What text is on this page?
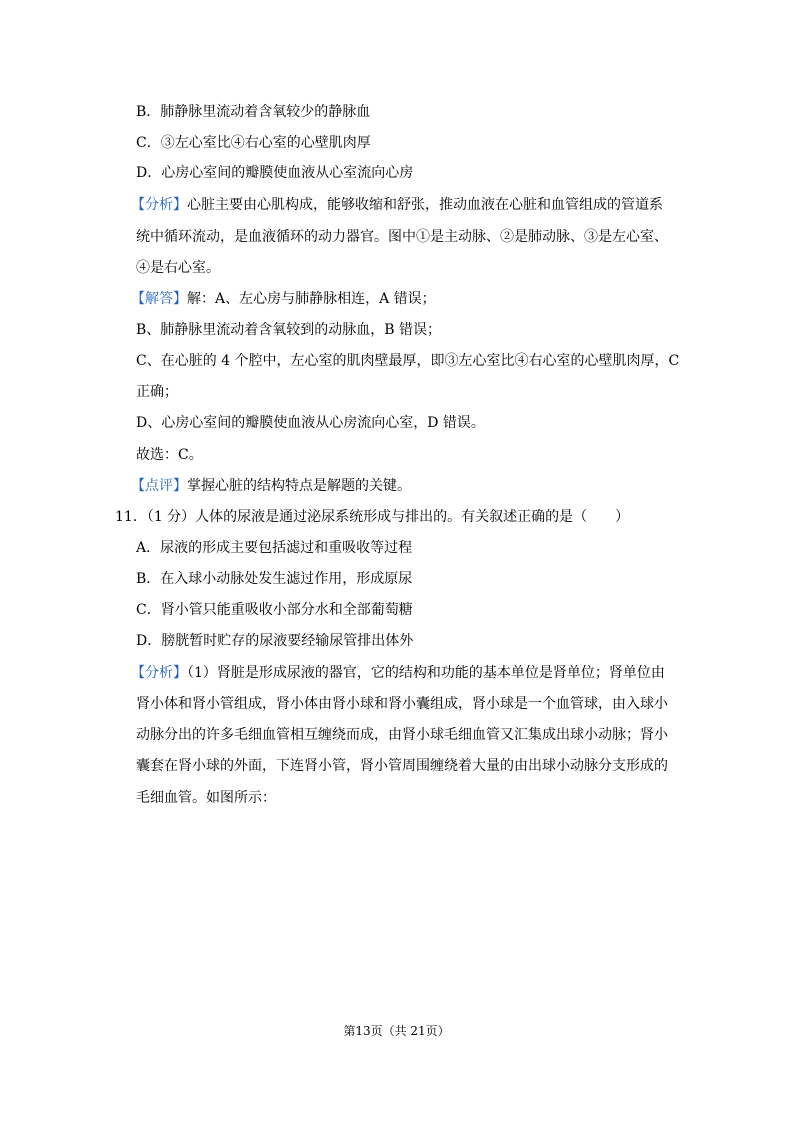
B．肺静脉里流动着含氧较少的静脉血
C．③左心室比④右心室的心壁肌肉厚
D．心房心室间的瓣膜使血液从心室流向心房
【分析】心脏主要由心肌构成，能够收缩和舒张，推动血液在心脏和血管组成的管道系
统中循环流动，是血液循环的动力器官。图中①是主动脉、②是肺动脉、③是左心室、
④是右心室。
【解答】解：A、左心房与肺静脉相连，A 错误；
B、肺静脉里流动着含氧较到的动脉血，B 错误；
C、在心脏的 4 个腔中，左心室的肌肉壁最厚，即③左心室比④右心室的心壁肌肉厚，C
正确；
D、心房心室间的瓣膜使血液从心房流向心室，D 错误。
故选：C。
【点评】掌握心脏的结构特点是解题的关键。
11．（1 分）人体的尿液是通过泌尿系统形成与排出的。有关叙述正确的是（　　）
A．尿液的形成主要包括滤过和重吸收等过程
B．在入球小动脉处发生滤过作用，形成原尿
C．肾小管只能重吸收小部分水和全部葡萄糖
D．膀胱暂时贮存的尿液要经输尿管排出体外
【分析】（1）肾脏是形成尿液的器官，它的结构和功能的基本单位是肾单位；肾单位由
肾小体和肾小管组成，肾小体由肾小球和肾小囊组成，肾小球是一个血管球，由入球小
动脉分出的许多毛细血管相互缠绕而成，由肾小球毛细血管又汇集成出球小动脉；肾小
囊套在肾小球的外面，下连肾小管，肾小管周围缠绕着大量的由出球小动脉分支形成的
毛细血管。如图所示：
第13页（共 21页）
